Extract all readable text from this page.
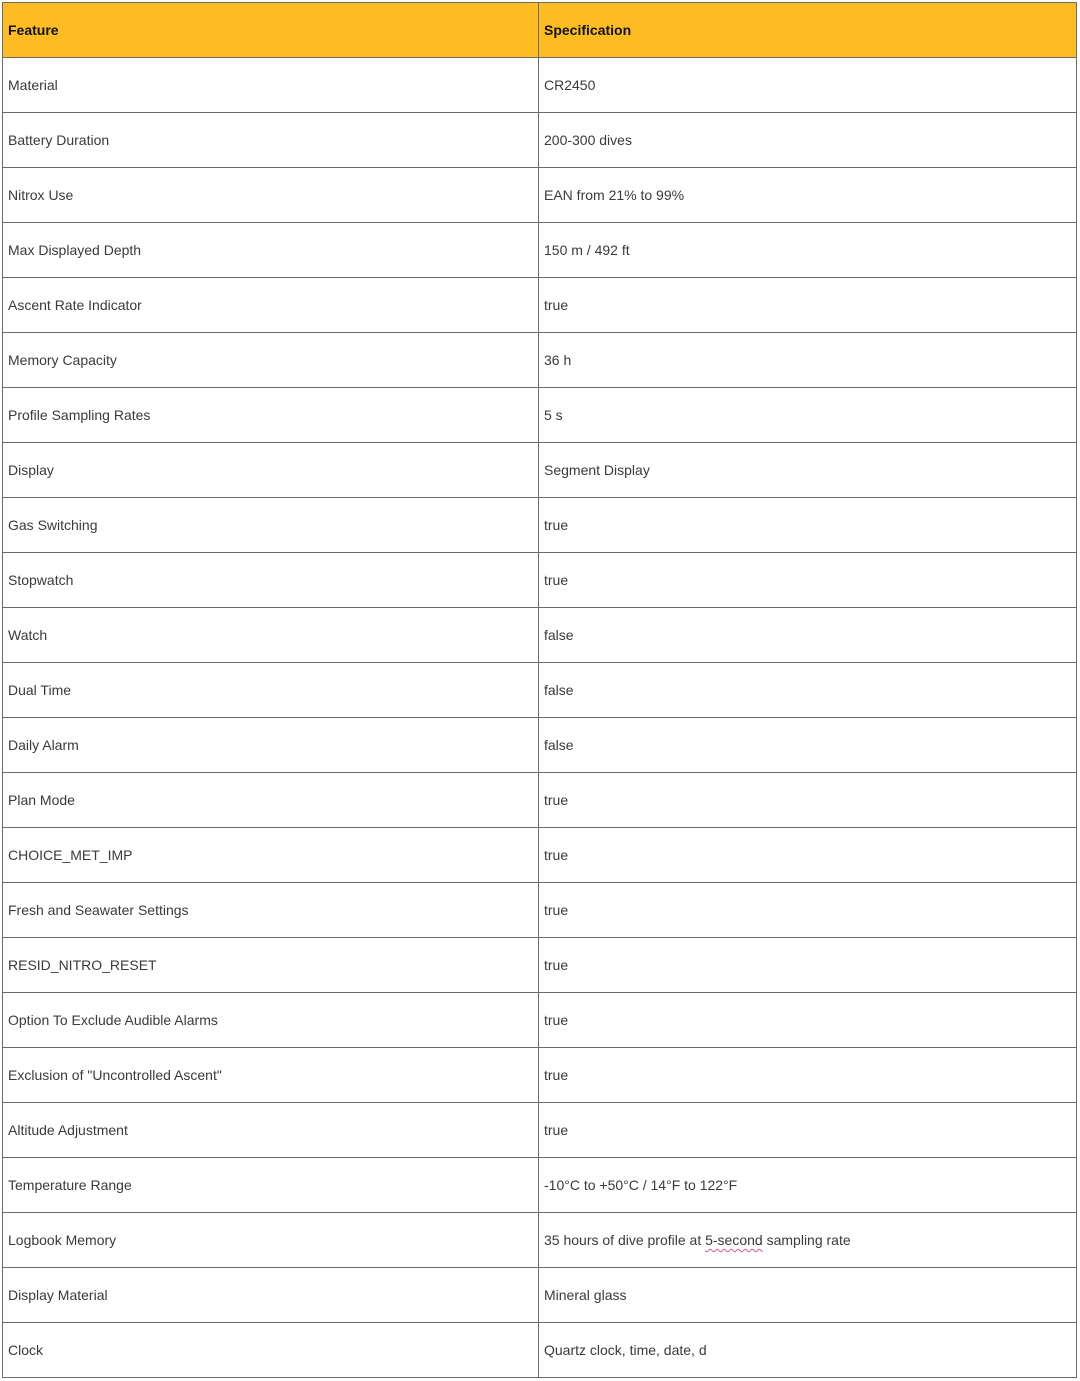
Feature	Specification
Material	CR2450
Battery Duration	200-300 dives
Nitrox Use	EAN from 21% to 99%
Max Displayed Depth	150 m / 492 ft
Ascent Rate Indicator	true
Memory Capacity	36 h
Profile Sampling Rates	5 s
Display	Segment Display
Gas Switching	true
Stopwatch	true
Watch	false
Dual Time	false
Daily Alarm	false
Plan Mode	true
CHOICE_MET_IMP	true
Fresh and Seawater Settings	true
RESID_NITRO_RESET	true
Option To Exclude Audible Alarms	true
Exclusion of "Uncontrolled Ascent"	true
Altitude Adjustment	true
Temperature Range	-10°C to +50°C / 14°F to 122°F
Logbook Memory	35 hours of dive profile at 5-second sampling rate
Display Material	Mineral glass
Clock	Quartz clock, time, date, d
